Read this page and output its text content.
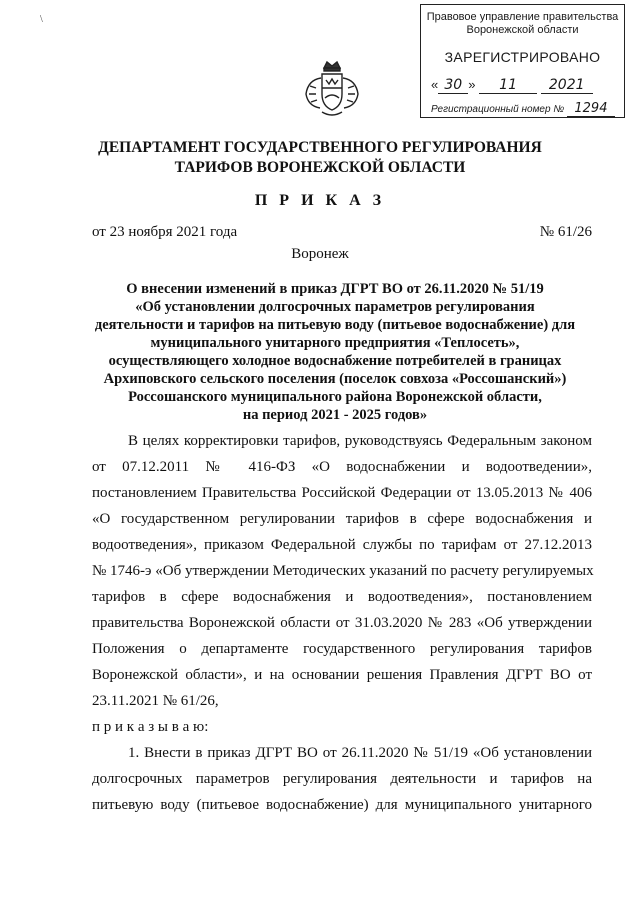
\	Правовое управление правительства
Воронежской области
ЗАРЕГИСТРИРОВАНО
« 30 » 11 2021
Регистрационный номер № 1294
ДЕПАРТАМЕНТ ГОСУДАРСТВЕННОГО РЕГУЛИРОВАНИЯ
ТАРИФОВ ВОРОНЕЖСКОЙ ОБЛАСТИ
П Р И К А З
от 23 ноября 2021 года	№ 61/26
Воронеж
О внесении изменений в приказ ДГРТ ВО от 26.11.2020 № 51/19
«Об установлении долгосрочных параметров регулирования
деятельности и тарифов на питьевую воду (питьевое водоснабжение) для
муниципального унитарного предприятия «Теплосеть»,
осуществляющего холодное водоснабжение потребителей в границах
Архиповского сельского поселения (поселок совхоза «Россошанский»)
Россошанского муниципального района Воронежской области,
на период 2021 - 2025 годов»
В целях корректировки тарифов, руководствуясь Федеральным законом
от 07.12.2011 № 416-ФЗ «О водоснабжении и водоотведении»,
постановлением Правительства Российской Федерации от 13.05.2013 № 406
«О государственном регулировании тарифов в сфере водоснабжения и
водоотведения», приказом Федеральной службы по тарифам от 27.12.2013
№ 1746-э «Об утверждении Методических указаний по расчету регулируемых
тарифов в сфере водоснабжения и водоотведения», постановлением
правительства Воронежской области от 31.03.2020 № 283 «Об утверждении
Положения о департаменте государственного регулирования тарифов
Воронежской области», и на основании решения Правления ДГРТ ВО от
23.11.2021 № 61/26,
п р и к а з ы в а ю:
1. Внести в приказ ДГРТ ВО от 26.11.2020 № 51/19 «Об установлении
долгосрочных параметров регулирования деятельности и тарифов на
питьевую воду (питьевое водоснабжение) для муниципального унитарного
